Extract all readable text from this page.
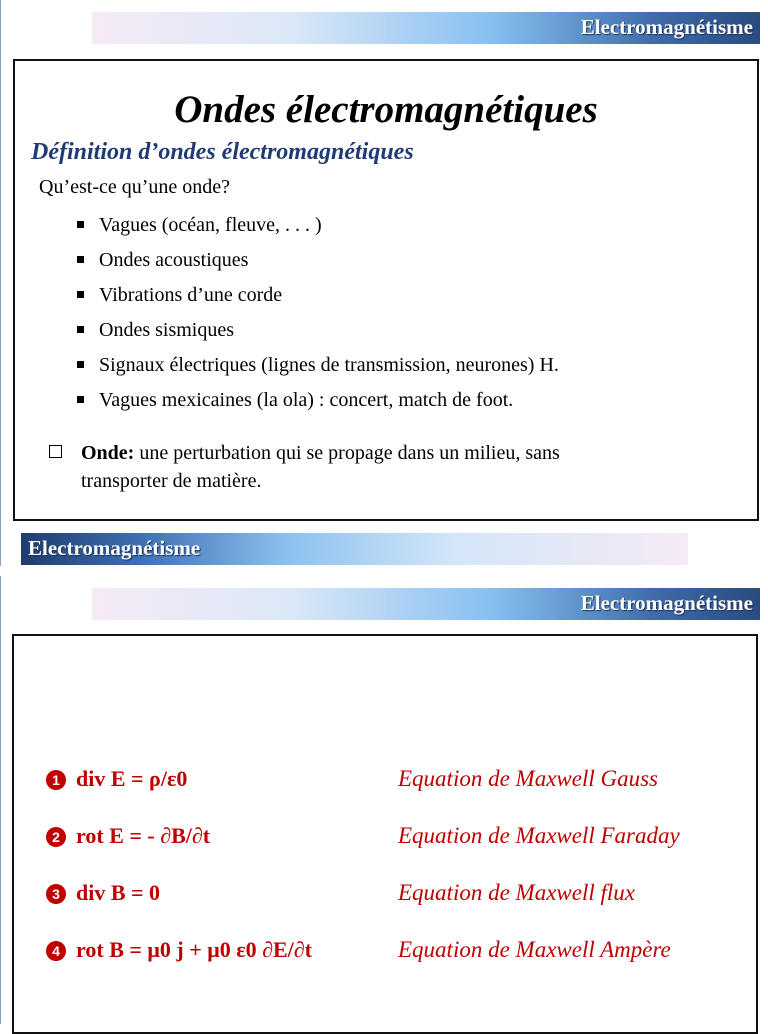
Electromagnétisme
Ondes électromagnétiques
Définition d’ondes électromagnétiques
Qu’est-ce qu’une onde?
Vagues (océan, fleuve, . . . )
Ondes acoustiques
Vibrations d’une corde
Ondes sismiques
Signaux électriques (lignes de transmission, neurones) H.
Vagues mexicaines (la ola) : concert, match de foot.
Onde: une perturbation qui se propage dans un milieu, sans
transporter de matière.
Electromagnétisme
Electromagnétisme
1 div E = ρ/ε0	Equation de Maxwell Gauss
2 rot E = - ∂B/∂t	Equation de Maxwell Faraday
3 div B = 0	Equation de Maxwell flux
4 rot B = μ0 j + μ0 ε0 ∂E/∂t	Equation de Maxwell Ampère
